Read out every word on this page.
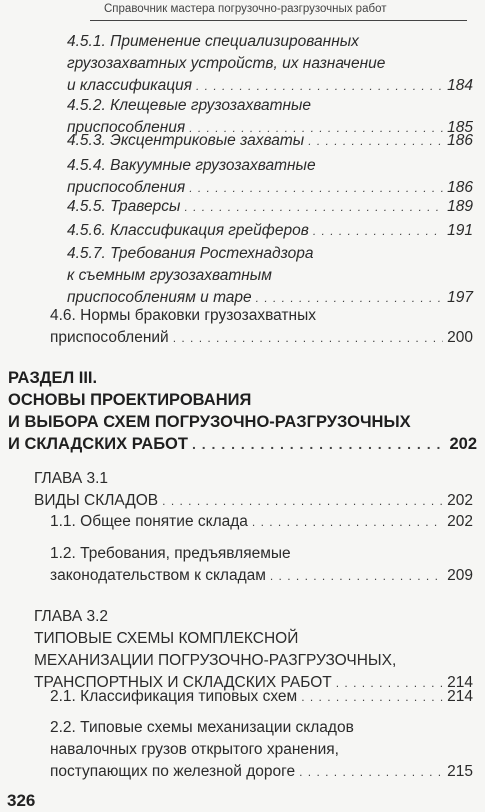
Справочник мастера погрузочно-разгрузочных работ
4.5.1. Применение специализированных
грузозахватных устройств, их назначение
и классификация . . .	184
4.5.2. Клещевые грузозахватные
приспособления . . .	185
4.5.3. Эксцентриковые захваты . . .	186
4.5.4. Вакуумные грузозахватные
приспособления . . .	186
4.5.5. Траверсы . . .	189
4.5.6. Классификация грейферов . . .	191
4.5.7. Требования Ростехнадзора
к съемным грузозахватным
приспособлениям и таре . . .	197
4.6. Нормы браковки грузозахватных
приспособлений . . .	200
РАЗДЕЛ III.
ОСНОВЫ ПРОЕКТИРОВАНИЯ
И ВЫБОРА СХЕМ ПОГРУЗОЧНО-РАЗГРУЗОЧНЫХ
И СКЛАДСКИХ РАБОТ . . .	202
ГЛАВА 3.1
ВИДЫ СКЛАДОВ . . .	202
1.1. Общее понятие склада . . .	202
1.2. Требования, предъявляемые
законодательством к складам . . .	209
ГЛАВА 3.2
ТИПОВЫЕ СХЕМЫ КОМПЛЕКСНОЙ
МЕХАНИЗАЦИИ ПОГРУЗОЧНО-РАЗГРУЗОЧНЫХ,
ТРАНСПОРТНЫХ И СКЛАДСКИХ РАБОТ . . .	214
2.1. Классификация типовых схем . . .	214
2.2. Типовые схемы механизации складов
навалочных грузов открытого хранения,
поступающих по железной дороге . . .	215
326
